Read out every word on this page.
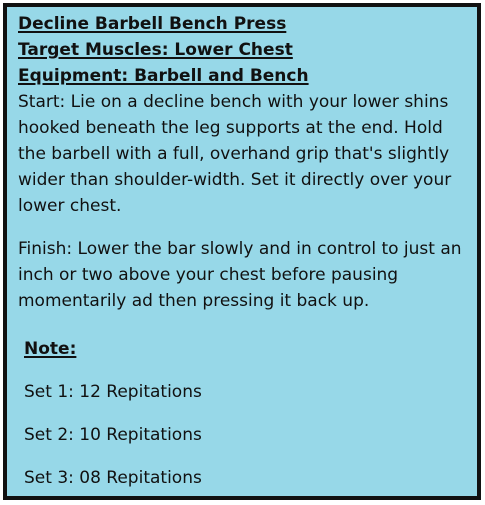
Decline Barbell Bench Press
Target Muscles: Lower Chest
Equipment: Barbell and Bench
Start: Lie on a decline bench with your lower shins
hooked beneath the leg supports at the end. Hold
the barbell with a full, overhand grip that's slightly
wider than shoulder-width. Set it directly over your
lower chest.
Finish: Lower the bar slowly and in control to just an
inch or two above your chest before pausing
momentarily ad then pressing it back up.
Note:
Set 1: 12 Repitations
Set 2: 10 Repitations
Set 3: 08 Repitations
